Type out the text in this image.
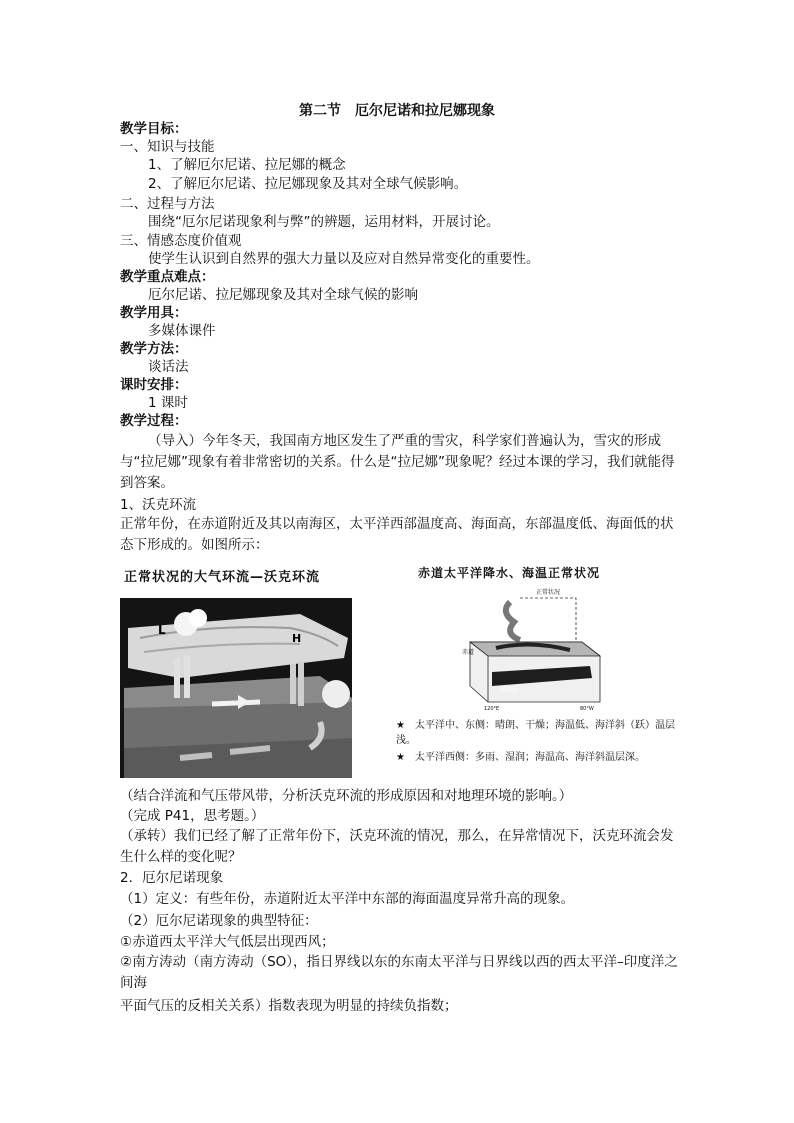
第二节　厄尔尼诺和拉尼娜现象
教学目标：
一、知识与技能
1、了解厄尔尼诺、拉尼娜的概念
2、了解厄尔尼诺、拉尼娜现象及其对全球气候影响。
二、过程与方法
围绕“厄尔尼诺现象利与弊”的辨题，运用材料，开展讨论。
三、情感态度价值观
使学生认识到自然界的强大力量以及应对自然异常变化的重要性。
教学重点难点：
厄尔尼诺、拉尼娜现象及其对全球气候的影响
教学用具：
多媒体课件
教学方法：
谈话法
课时安排：
1 课时
教学过程：
（导入）今年冬天，我国南方地区发生了严重的雪灾，科学家们普遍认为，雪灾的形成与“拉尼娜”现象有着非常密切的关系。什么是“拉尼娜”现象呢？经过本课的学习，我们就能得到答案。
1、沃克环流
正常年份，在赤道附近及其以南海区，太平洋西部温度高、海面高，东部温度低、海面低的状态下形成的。如图所示：
正常状况的大气环流—沃克环流
L
H
赤道太平洋降水、海温正常状况
正常状况
赤道
温跃层
120°E	80°W
★　太平洋中、东侧：晴朗、干燥；海温低、海洋斜（跃）温层浅。
★　太平洋西侧：多雨、湿润；海温高、海洋斜温层深。
（结合洋流和气压带风带，分析沃克环流的形成原因和对地理环境的影响。）
（完成 P41，思考题。）
（承转）我们已经了解了正常年份下，沃克环流的情况，那么，在异常情况下，沃克环流会发生什么样的变化呢？
2．厄尔尼诺现象
（1）定义：有些年份，赤道附近太平洋中东部的海面温度异常升高的现象。
（2）厄尔尼诺现象的典型特征：
①赤道西太平洋大气低层出现西风；
②南方涛动（南方涛动（SO），指日界线以东的东南太平洋与日界线以西的西太平洋–印度洋之间海
平面气压的反相关关系）指数表现为明显的持续负指数；
